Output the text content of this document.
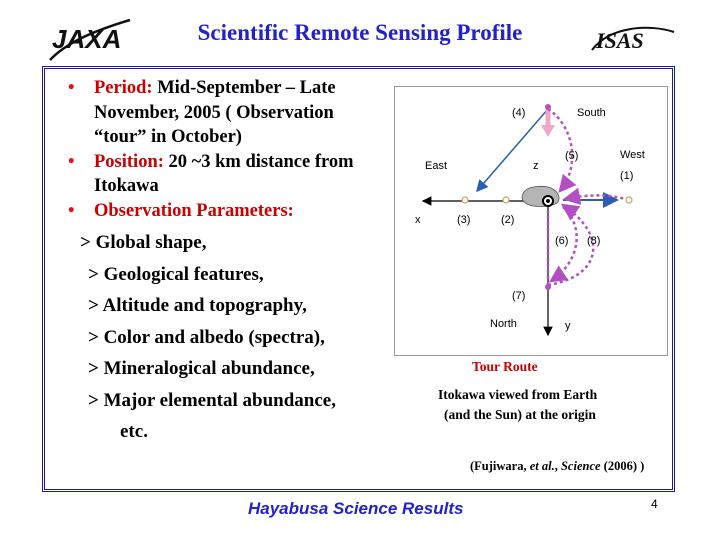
JAXA	ISAS
Scientific Remote Sensing Profile
• Period: Mid-September – Late November, 2005 ( Observation “tour” in October)
• Position: 20 ~3 km distance from Itokawa
• Observation Parameters:
> Global shape,
> Geological features,
> Altitude and topography,
> Color and albedo (spectra),
> Mineralogical abundance,
> Major elemental abundance,
etc.
South
East
West
North
x
y
z
(1)
(2)
(3)
(4)
(5)
(6)
(7)
(8)
Tour Route
Itokawa viewed from Earth
(and the Sun) at the origin
(Fujiwara, et al., Science (2006) )
Hayabusa Science Results	4
